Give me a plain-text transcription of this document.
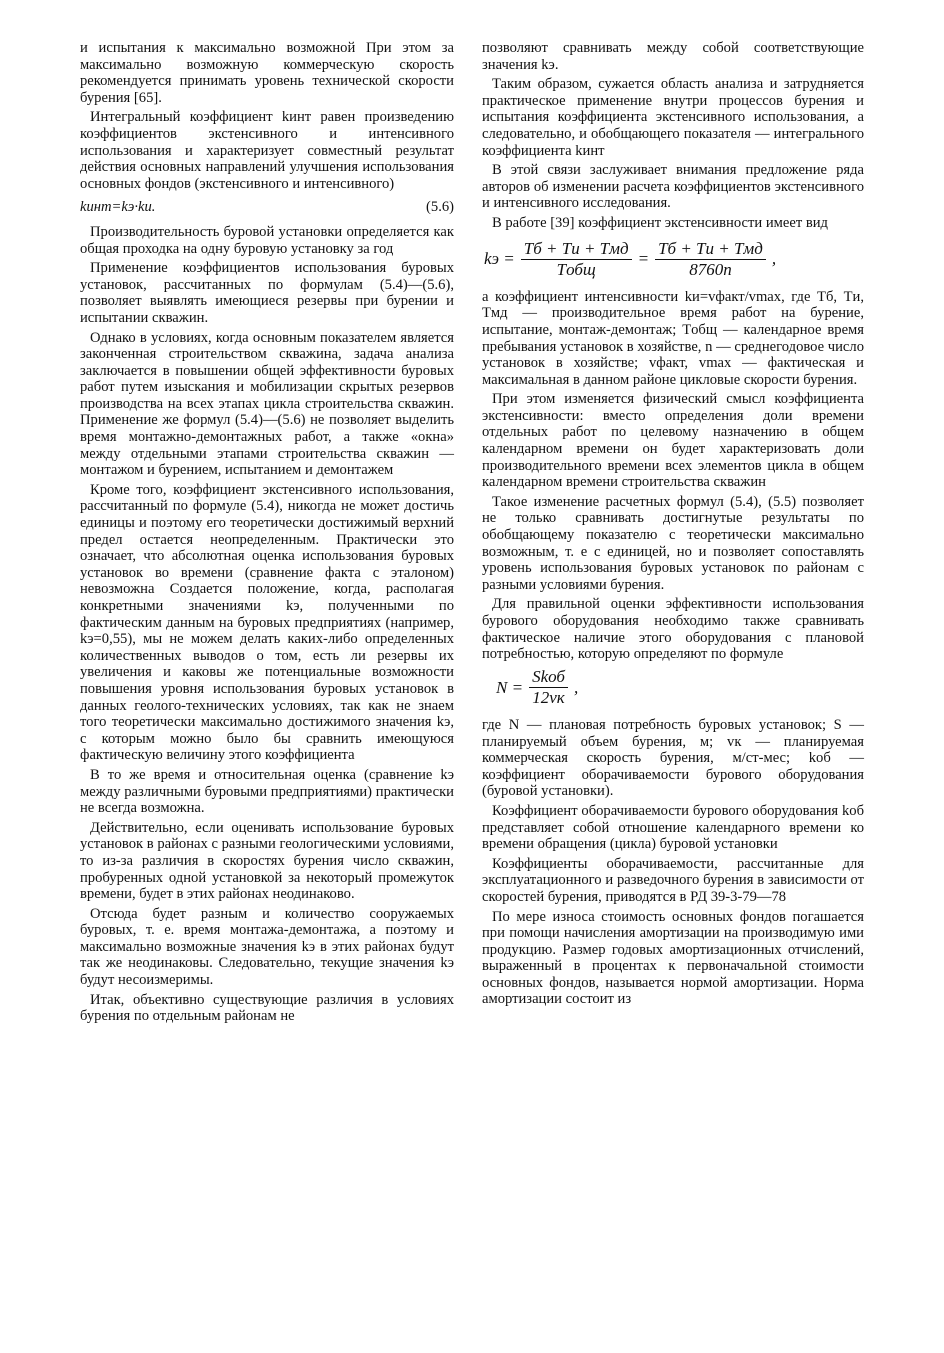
и испытания к максимально возможной При этом за максимально возможную коммерческую скорость рекомендуется принимать уровень технической скорости бурения [65].

Интегральный коэффициент kинт равен произведению коэффициентов экстенсивного и интенсивного использования и характеризует совместный результат действия основных направлений улучшения использования основных фондов (экстенсивного и интенсивного)

kинт=kэ·kи.	(5.6)

Производительность буровой установки определяется как общая проходка на одну буровую установку за год

Применение коэффициентов использования буровых установок, рассчитанных по формулам (5.4)—(5.6), позволяет выявлять имеющиеся резервы при бурении и испытании скважин.

Однако в условиях, когда основным показателем является законченная строительством скважина, задача анализа заключается в повышении общей эффективности буровых работ путем изыскания и мобилизации скрытых резервов производства на всех этапах цикла строительства скважин. Применение же формул (5.4)—(5.6) не позволяет выделить время монтажно-демонтажных работ, а также «окна» между отдельными этапами строительства скважин — монтажом и бурением, испытанием и демонтажем

Кроме того, коэффициент экстенсивного использования, рассчитанный по формуле (5.4), никогда не может достичь единицы и поэтому его теоретически достижимый верхний предел остается неопределенным. Практически это означает, что абсолютная оценка использования буровых установок во времени (сравнение факта с эталоном) невозможна Создается положение, когда, располагая конкретными значениями kэ, полученными по фактическим данным на буровых предприятиях (например, kэ=0,55), мы не можем делать каких-либо определенных количественных выводов о том, есть ли резервы их увеличения и каковы же потенциальные возможности повышения уровня использования буровых установок в данных геолого-технических условиях, так как не знаем того теоретически максимально достижимого значения kэ, с которым можно было бы сравнить имеющуюся фактическую величину этого коэффициента

В то же время и относительная оценка (сравнение kэ между различными буровыми предприятиями) практически не всегда возможна.

Действительно, если оценивать использование буровых установок в районах с разными геологическими условиями, то из-за различия в скоростях бурения число скважин, пробуренных одной установкой за некоторый промежуток времени, будет в этих районах неодинаково.

Отсюда будет разным и количество сооружаемых буровых, т. е. время монтажа-демонтажа, а поэтому и максимально возможные значения kэ в этих районах будут так же неодинаковы. Следовательно, текущие значения kэ будут несоизмеримы.

Итак, объективно существующие различия в условиях бурения по отдельным районам не

позволяют сравнивать между собой соответствующие значения kэ.

Таким образом, сужается область анализа и затрудняется практическое применение внутри процессов бурения и испытания коэффициента экстенсивного использования, а следовательно, и обобщающего показателя — интегрального коэффициента kинт

В этой связи заслуживает внимания предложение ряда авторов об изменении расчета коэффициентов экстенсивного и интенсивного исследования.

В работе [39] коэффициент экстенсивности имеет вид

kэ = $\frac{\text{Tб + Tи + Tмд}}{\text{Tобщ}} = \frac{\text{Tб + Tи + Tмд}}{8760n}$ ,

а коэффициент интенсивности kи=vфакт/vmax, где Tб, Tи, Tмд — производительное время работ на бурение, испытание, монтаж-демонтаж; Tобщ — календарное время пребывания установок в хозяйстве, n — среднегодовое число установок в хозяйстве; vфакт, vmax — фактическая и максимальная в данном районе цикловые скорости бурения.

При этом изменяется физический смысл коэффициента экстенсивности: вместо определения доли времени отдельных работ по целевому назначению в общем календарном времени он будет характеризовать доли производительного времени всех элементов цикла в общем календарном времени строительства скважин

Такое изменение расчетных формул (5.4), (5.5) позволяет не только сравнивать достигнутые результаты по обобщающему показателю с теоретически максимально возможным, т. е с единицей, но и позволяет сопоставлять уровень использования буровых установок по районам с разными условиями бурения.

Для правильной оценки эффективности использования бурового оборудования необходимо также сравнивать фактическое наличие этого оборудования с плановой потребностью, которую определяют по формуле

$N = \frac{\text{Skоб}}{12vк}$ ,

где N — плановая потребность буровых установок; S — планируемый объем бурения, м; vк — планируемая коммерческая скорость бурения, м/ст-мес; kоб — коэффициент оборачиваемости бурового оборудования (буровой установки).

Коэффициент оборачиваемости бурового оборудования kоб представляет собой отношение календарного времени ко времени обращения (цикла) буровой установки

Коэффициенты оборачиваемости, рассчитанные для эксплуатационного и разведочного бурения в зависимости от скоростей бурения, приводятся в РД 39-3-79—78

По мере износа стоимость основных фондов погашается при помощи начисления амортизации на производимую ими продукцию. Размер годовых амортизационных отчислений, выраженный в процентах к первоначальной стоимости основных фондов, называется нормой амортизации. Норма амортизации состоит из
